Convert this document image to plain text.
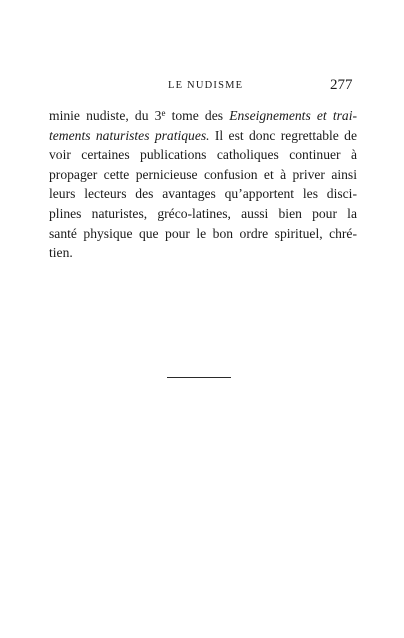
LE NUDISME	277
minie nudiste, du 3e tome des Enseignements et trai-
tements naturistes pratiques. Il est donc regrettable de
voir certaines publications catholiques continuer à
propager cette pernicieuse confusion et à priver ainsi
leurs lecteurs des avantages qu’apportent les disci-
plines naturistes, gréco-latines, aussi bien pour la
santé physique que pour le bon ordre spirituel, chré-
tien.
